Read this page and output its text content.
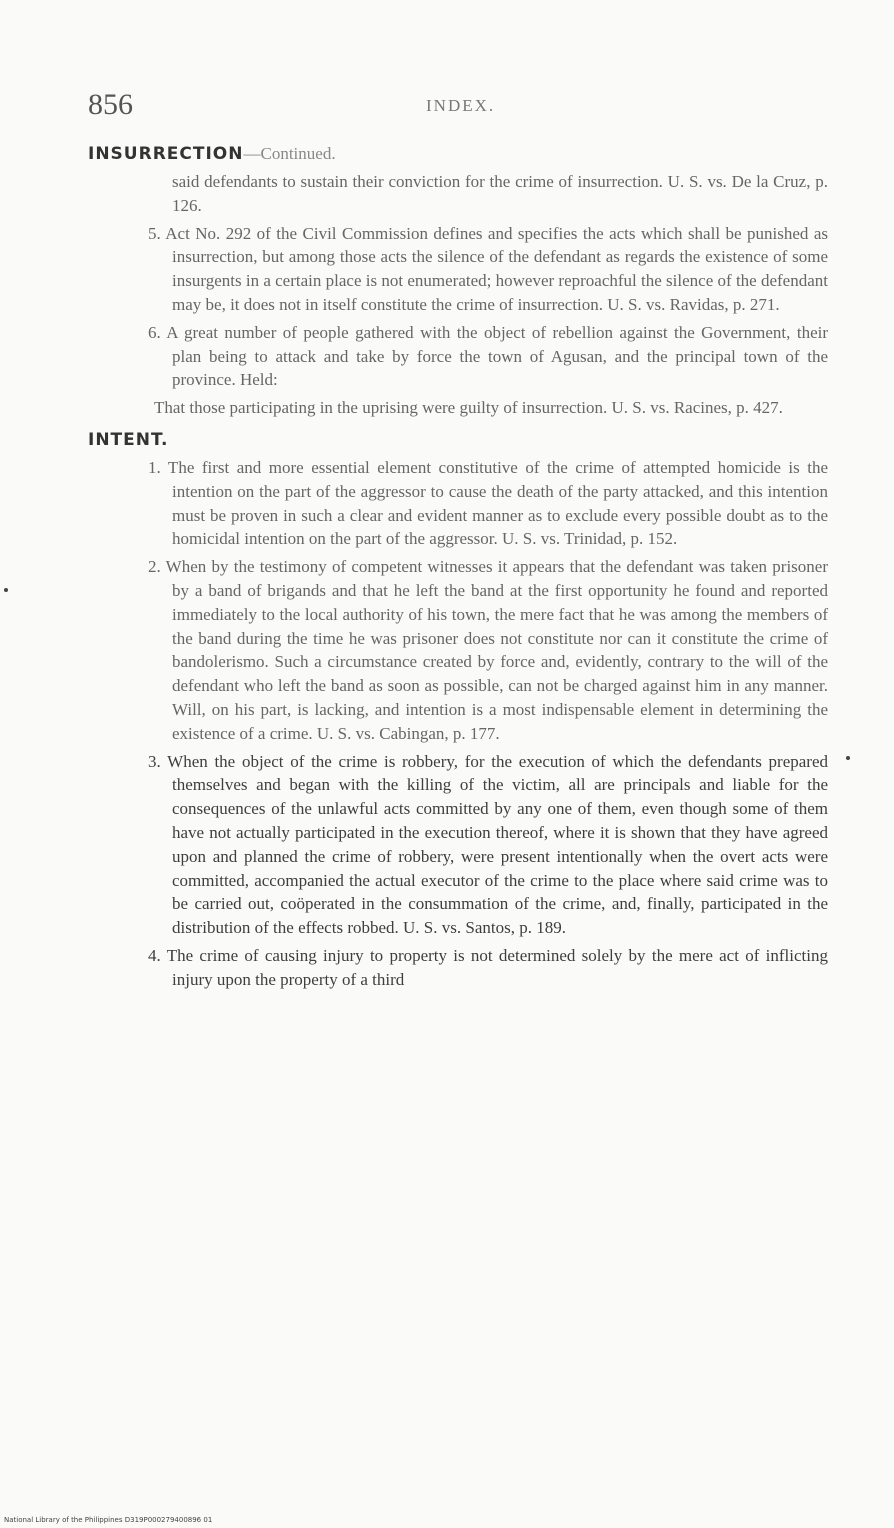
856	INDEX.
INSURRECTION—Continued.

said defendants to sustain their conviction for the crime of insurrection. U. S. vs. De la Cruz, p. 126.

5. Act No. 292 of the Civil Commission defines and specifies the acts which shall be punished as insurrection, but among those acts the silence of the defendant as regards the existence of some insurgents in a certain place is not enumerated; however reproachful the silence of the defendant may be, it does not in itself constitute the crime of insurrection. U. S. vs. Ravidas, p. 271.

6. A great number of people gathered with the object of rebellion against the Government, their plan being to attack and take by force the town of Agusan, and the principal town of the province. Held:

That those participating in the uprising were guilty of insurrection. U. S. vs. Racines, p. 427.

INTENT.

1. The first and more essential element constitutive of the crime of attempted homicide is the intention on the part of the aggressor to cause the death of the party attacked, and this intention must be proven in such a clear and evident manner as to exclude every possible doubt as to the homicidal intention on the part of the aggressor. U. S. vs. Trinidad, p. 152.

2. When by the testimony of competent witnesses it appears that the defendant was taken prisoner by a band of brigands and that he left the band at the first opportunity he found and reported immediately to the local authority of his town, the mere fact that he was among the members of the band during the time he was prisoner does not constitute nor can it constitute the crime of bandolerismo. Such a circumstance created by force and, evidently, contrary to the will of the defendant who left the band as soon as possible, can not be charged against him in any manner. Will, on his part, is lacking, and intention is a most indispensable element in determining the existence of a crime. U. S. vs. Cabingan, p. 177.

3. When the object of the crime is robbery, for the execution of which the defendants prepared themselves and began with the killing of the victim, all are principals and liable for the consequences of the unlawful acts committed by any one of them, even though some of them have not actually participated in the execution thereof, where it is shown that they have agreed upon and planned the crime of robbery, were present intentionally when the overt acts were committed, accompanied the actual executor of the crime to the place where said crime was to be carried out, coöperated in the consummation of the crime, and, finally, participated in the distribution of the effects robbed. U. S. vs. Santos, p. 189.

4. The crime of causing injury to property is not determined solely by the mere act of inflicting injury upon the property of a third

National Library of the Philippines D319P000279400896 01
